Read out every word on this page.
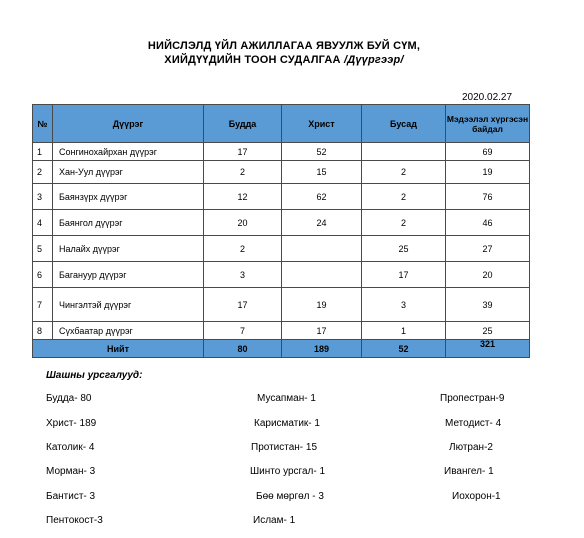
НИЙСЛЭЛД ҮЙЛ АЖИЛЛАГАА ЯВУУЛЖ БУЙ СҮМ,
ХИЙДҮҮДИЙН ТООН СУДАЛГАА /Дүүргээр/
2020.02.27
№	Дүүрэг	Будда	Христ	Бусад	Мэдээлэл хүргэсэн байдал
1	Сонгинохайрхан дүүрэг	17	52		69
2	Хан-Уул дүүрэг	2	15	2	19
3	Баянзүрх дүүрэг	12	62	2	76
4	Баянгол дүүрэг	20	24	2	46
5	Налайх дүүрэг	2		25	27
6	Багануур дүүрэг	3		17	20
7	Чингэлтэй дүүрэг	17	19	3	39
8	Сүхбаатар дүүрэг	7	17	1	25
Нийт		80	189	52	321
Шашны урсгалууд:
Будда- 80	Мусапман- 1	Пропестран-9
Христ- 189	Карисматик- 1	Методист- 4
Католик- 4	Протистан- 15	Лютран-2
Морман- 3	Шинто урсгал- 1	Ивангел- 1
Бантист- 3	Бөө мөргөл - 3	Иохорон-1
Пентокост-3	Ислам- 1
